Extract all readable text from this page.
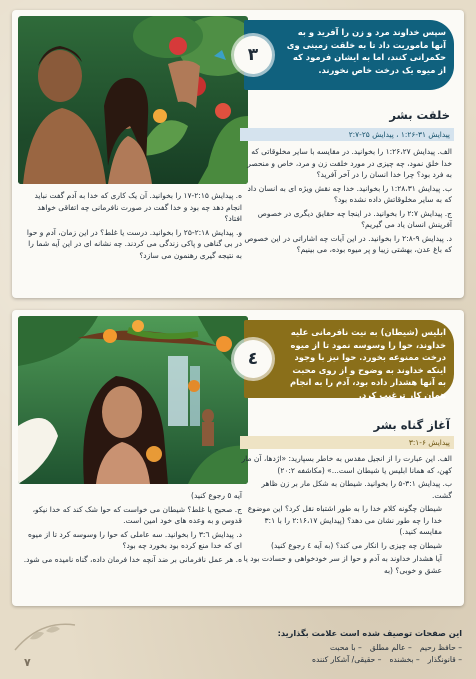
۳
سپس خداوند مرد و زن را آفرید و به آنها ماموریت داد تا به خلقت زمینی وی حکمرانی کنند، اما به ایشان فرمود که از میوه یک درخت خاص نخورند.
خلقت بشر
پیدایش ۳۱-۱:۲۶ ، پیدایش ۲۵-۲:۷

الف. پیدایش ۱:۲۶،۲۷ را بخوانید. در مقایسه با سایر مخلوقاتی که خدا خلق نمود، چه چیزی در مورد خلقت زن و مرد، خاص و منحصر به فرد بود؟ چرا خدا انسان را در آخر آفرید؟

ب. پیدایش ۱:۲۸،۳۱ را بخوانید. خدا چه نقش ویژه ای به انسان داد که به سایر مخلوقاتش داده نشده بود؟

ج. پیدایش ۲:۷ را بخوانید. در اینجا چه حقایق دیگری در خصوص آفرینش انسان یاد می گیریم؟

د. پیدایش ۹-۲:۸ را بخوانید. در این آیات چه اشاراتی در این خصوص که باغ عدن، بهشتی زیبا و پر میوه بوده، می بینیم؟

ه. پیدایش ۲:۱۵-۱۷ را بخوانید. آن یک کاری که خدا به آدم گفت نباید انجام دهد چه بود و خدا گفت در صورت نافرمانی چه اتفاقی خواهد افتاد؟

و. پیدایش ۲:۱۸-۲۵ را بخوانید. درست یا غلط؟ در این زمان، آدم و حوا در بی گناهی و پاکی زندگی می کردند. چه نشانه ای در این آیه شما را به نتیجه گیری رهنمون می سازد؟

٤
ابلیس (شیطان) به نیت نافرمانی علیه خداوند، حوا را وسوسه نمود تا از میوه درخت ممنوعه بخورد. حوا نیز با وجود اینکه خداوند به وضوح و از روی محبت به آنها هشدار داده بود، آدم را به انجام همان کار ترغیب کرد.
آغاز گناه بشر
پیدایش ۶-۳:۱

الف. این عبارت را از انجیل مقدس به خاطر بسپارید: «اژدها، آن مار کهن، که همانا ابلیس یا شیطان است...» (مکاشفه ۲۰:۲)

ب. پیدایش ۳:۱-۵ را بخوانید. شیطان به شکل مار بر زن ظاهر گشت.

شیطان چگونه کلام خدا را به طور اشتباه نقل کرد؟ این موضوع خدا را چه طور نشان می دهد؟ (پیدایش ۲:۱۶،۱۷ را با ۳:۱ مقایسه کنید.)

شیطان چه چیزی را انکار می کند؟ (به آیه ٤ رجوع کنید)

آیا هشدار خداوند به آدم و حوا از سر خودخواهی و حسادت بود یا عشق و خوبی؟ (به

آیه ٥ رجوع کنید)

ج. صحیح یا غلط؟ شیطان می خواست که حوا شک کند که خدا نیکو، قدوس و به وعده های خود امین است.

د. پیدایش ۳:٦ را بخوانید. سه عاملی که حوا را وسوسه کرد تا از میوه ای که خدا منع کرده بود بخورد چه بود؟

ه. هر عمل نافرمانی بر ضد آنچه خدا فرمان داده، گناه نامیده می شود.

این صفحات توصیف شده است علامت بگذارید:
– حافظ رحیم
– عالم مطلق
– با محبت
– قانونگذار
– بخشنده
– حقیقی/ آشکار کننده
۷
